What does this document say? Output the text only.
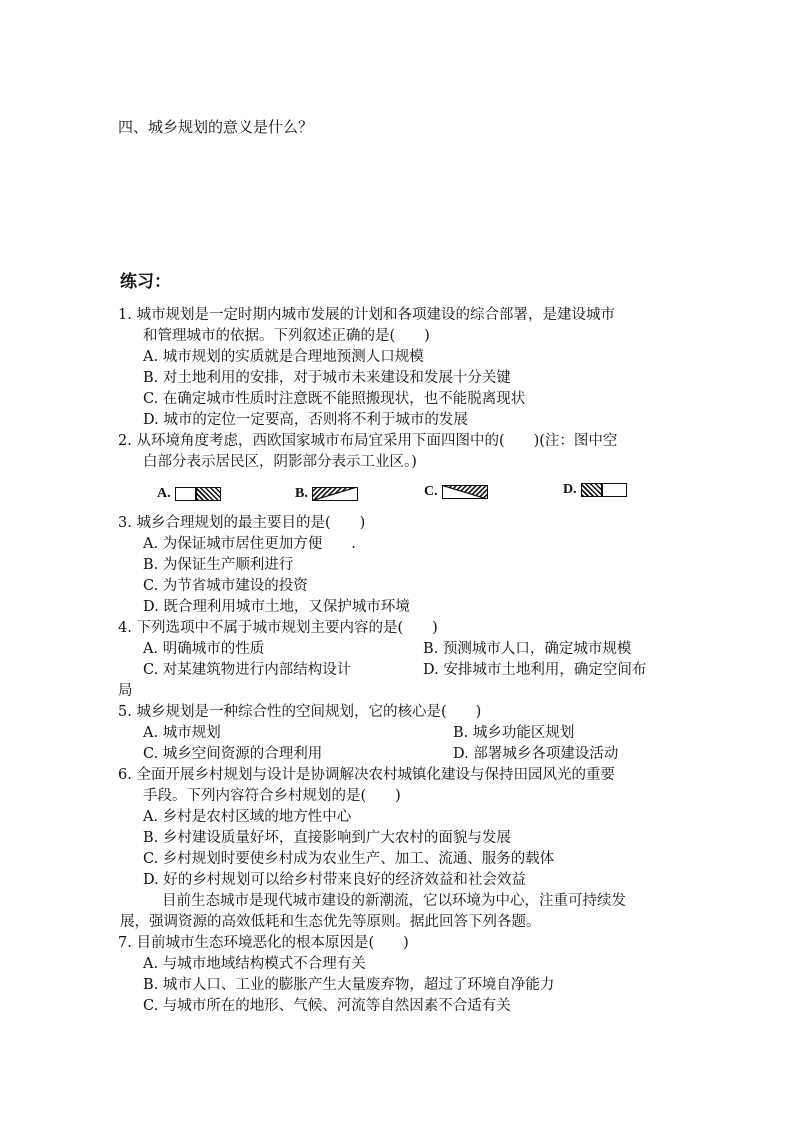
四、城乡规划的意义是什么？
练习：
1. 城市规划是一定时期内城市发展的计划和各项建设的综合部署，是建设城市
和管理城市的依据。下列叙述正确的是(　　)
A. 城市规划的实质就是合理地预测人口规模
B. 对土地利用的安排，对于城市未来建设和发展十分关键
C. 在确定城市性质时注意既不能照搬现状，也不能脱离现状
D. 城市的定位一定要高，否则将不利于城市的发展
2. 从环境角度考虑，西欧国家城市布局宜采用下面四图中的(　　)(注：图中空
白部分表示居民区，阴影部分表示工业区。)
A.	B.	C.	D.
3. 城乡合理规划的最主要目的是(　　)
A. 为保证城市居住更加方便　　.
B. 为保证生产顺利进行
C. 为节省城市建设的投资
D. 既合理利用城市土地，又保护城市环境
4. 下列选项中不属于城市规划主要内容的是(　　)
A. 明确城市的性质	B. 预测城市人口，确定城市规模
C. 对某建筑物进行内部结构设计	D. 安排城市土地利用，确定空间布
局
5. 城乡规划是一种综合性的空间规划，它的核心是(　　)
A. 城市规划	B. 城乡功能区规划
C. 城乡空间资源的合理利用	D. 部署城乡各项建设活动
6. 全面开展乡村规划与设计是协调解决农村城镇化建设与保持田园风光的重要
手段。下列内容符合乡村规划的是(　　)
A. 乡村是农村区域的地方性中心
B. 乡村建设质量好坏，直接影响到广大农村的面貌与发展
C. 乡村规划时要使乡村成为农业生产、加工、流通、服务的载体
D. 好的乡村规划可以给乡村带来良好的经济效益和社会效益
目前生态城市是现代城市建设的新潮流，它以环境为中心，注重可持续发
展，强调资源的高效低耗和生态优先等原则。据此回答下列各题。
7. 目前城市生态环境恶化的根本原因是(　　)
A. 与城市地域结构模式不合理有关
B. 城市人口、工业的膨胀产生大量废弃物，超过了环境自净能力
C. 与城市所在的地形、气候、河流等自然因素不合适有关
